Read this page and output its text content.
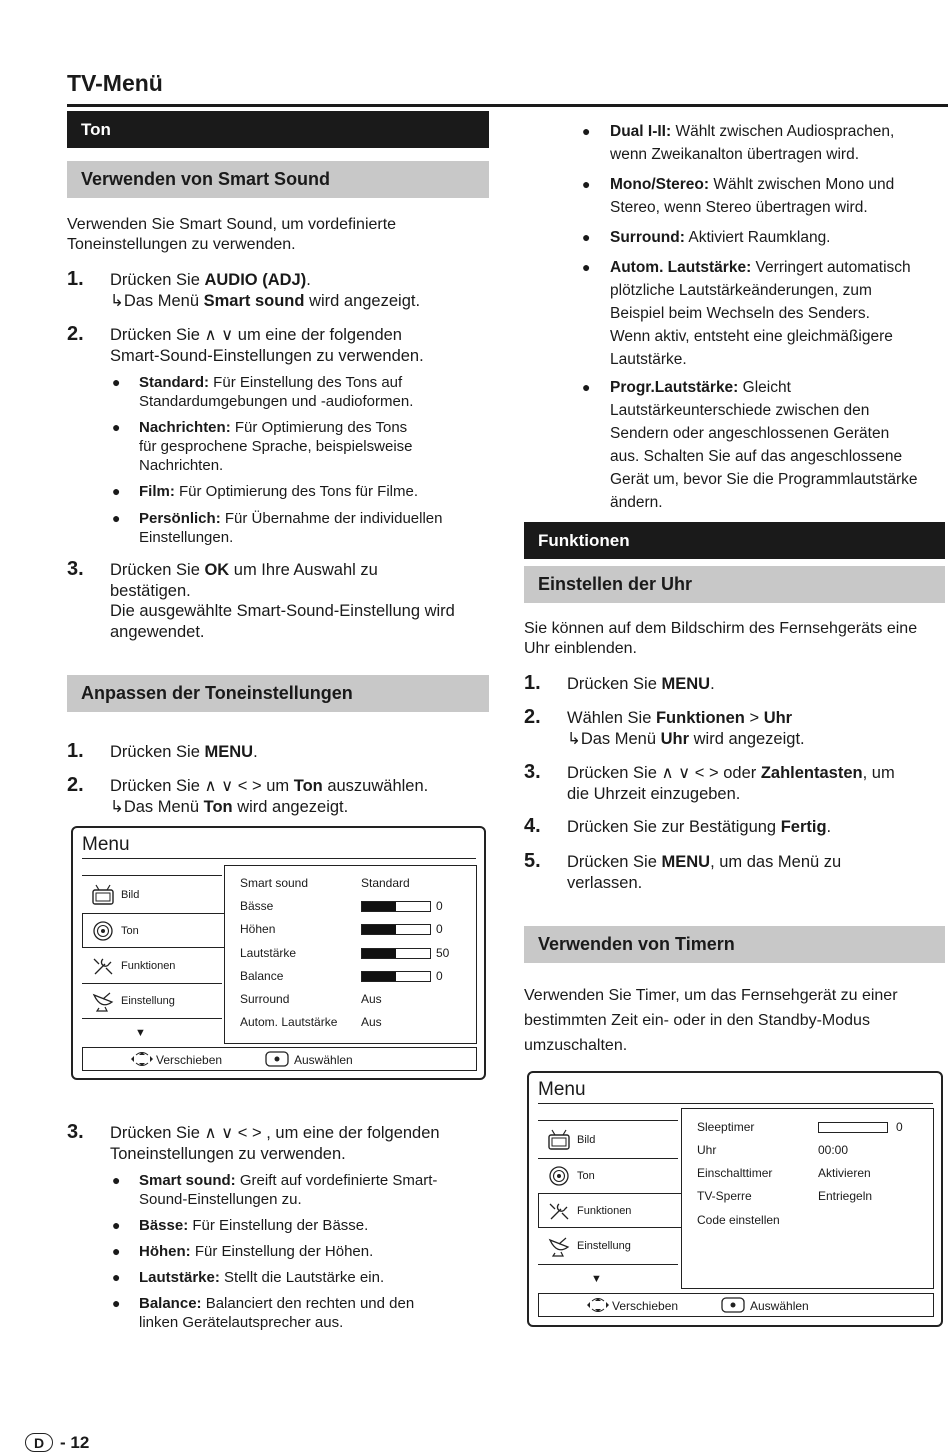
TV-Menü
Ton
Verwenden von Smart Sound
Verwenden Sie Smart Sound, um vordefinierte
Toneinstellungen zu verwenden.
1. Drücken Sie AUDIO (ADJ).
↳Das Menü Smart sound wird angezeigt.
2. Drücken Sie ∧ ∨ um eine der folgenden
Smart-Sound-Einstellungen zu verwenden.
● Standard: Für Einstellung des Tons auf
Standardumgebungen und -audioformen.
● Nachrichten: Für Optimierung des Tons
für gesprochene Sprache, beispielsweise
Nachrichten.
● Film: Für Optimierung des Tons für Filme.
● Persönlich: Für Übernahme der individuellen
Einstellungen.
3. Drücken Sie OK um Ihre Auswahl zu
bestätigen.
Die ausgewählte Smart-Sound-Einstellung wird
angewendet.
Anpassen der Toneinstellungen
1. Drücken Sie MENU.
2. Drücken Sie ∧ ∨ < > um Ton auszuwählen.
↳Das Menü Ton wird angezeigt.
Menu
Bild
Ton
Funktionen
Einstellung
▼
Smart sound	Standard
Bässe	0
Höhen	0
Lautstärke	50
Balance	0
Surround	Aus
Autom. Lautstärke Aus
Verschieben	Auswählen
3. Drücken Sie ∧ ∨ < > , um eine der folgenden
Toneinstellungen zu verwenden.
● Smart sound: Greift auf vordefinierte Smart-
Sound-Einstellungen zu.
● Bässe: Für Einstellung der Bässe.
● Höhen: Für Einstellung der Höhen.
● Lautstärke: Stellt die Lautstärke ein.
● Balance: Balanciert den rechten und den
linken Gerätelautsprecher aus.
● Dual I-II: Wählt zwischen Audiosprachen,
wenn Zweikanalton übertragen wird.
● Mono/Stereo: Wählt zwischen Mono und
Stereo, wenn Stereo übertragen wird.
● Surround: Aktiviert Raumklang.
● Autom. Lautstärke: Verringert automatisch
plötzliche Lautstärkeänderungen, zum
Beispiel beim Wechseln des Senders.
Wenn aktiv, entsteht eine gleichmäßigere
Lautstärke.
● Progr.Lautstärke: Gleicht
Lautstärkeunterschiede zwischen den
Sendern oder angeschlossenen Geräten
aus. Schalten Sie auf das angeschlossene
Gerät um, bevor Sie die Programmlautstärke
ändern.
Funktionen
Einstellen der Uhr
Sie können auf dem Bildschirm des Fernsehgeräts eine
Uhr einblenden.
1. Drücken Sie MENU.
2. Wählen Sie Funktionen > Uhr
↳Das Menü Uhr wird angezeigt.
3. Drücken Sie ∧ ∨ < > oder Zahlentasten, um
die Uhrzeit einzugeben.
4. Drücken Sie zur Bestätigung Fertig.
5. Drücken Sie MENU, um das Menü zu
verlassen.
Verwenden von Timern
Verwenden Sie Timer, um das Fernsehgerät zu einer
bestimmten Zeit ein- oder in den Standby-Modus
umzuschalten.
Menu
Bild
Ton
Funktionen
Einstellung
▼
Sleeptimer	0
Uhr	00:00
Einschalttimer	Aktivieren
TV-Sperre	Entriegeln
Code einstellen
Verschieben	Auswählen
D - 12
